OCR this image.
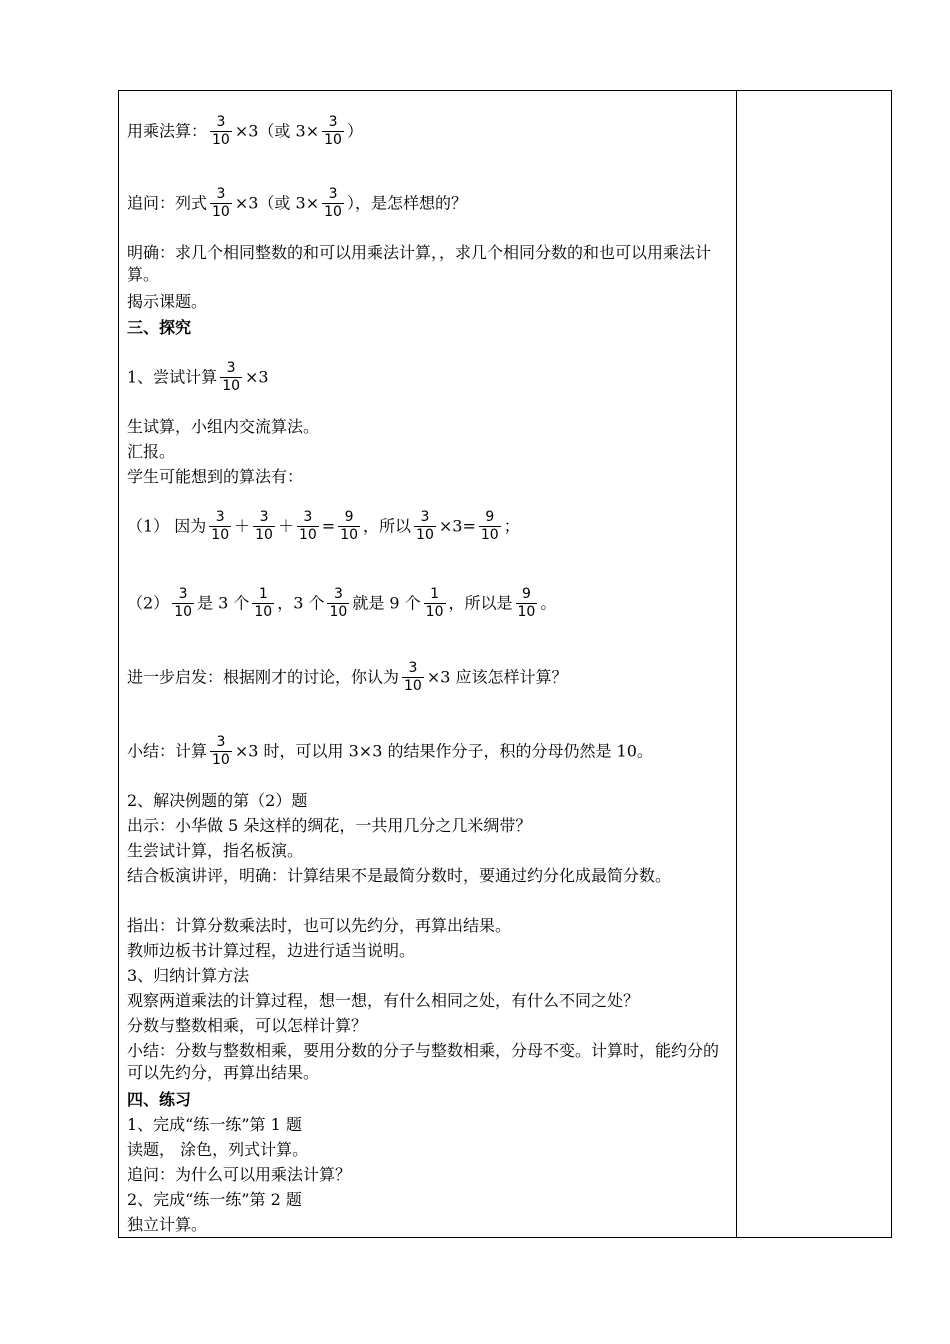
用乘法算： $\frac{3}{10} \times 3$（或 $3\times \frac{3}{10}$ ）
追问：列式 $\frac{3}{10} \times 3$（或 $3\times \frac{3}{10}$ ），是怎样想的？
明确：求几个相同整数的和可以用乘法计算，，求几个相同分数的和也可以用乘法计算。
揭示课题。
三、探究
1、尝试计算 $\frac{3}{10} \times 3$
生试算，小组内交流算法。
汇报。
学生可能想到的算法有：
（1） 因为 $\frac{3}{10} + \frac{3}{10} + \frac{3}{10} = \frac{9}{10}$ ，所以 $\frac{3}{10} \times 3= \frac{9}{10}$ ；
$(2) \frac{3}{10}$ 是 3 个 $\frac{1}{10}$ ，3 个 $\frac{3}{10}$ 就是 9 个 $\frac{1}{10}$ ，所以是 $\frac{9}{10}$ 。
进一步启发：根据刚才的讨论，你认为 $\frac{3}{10} \times 3$ 应该怎样计算？
小结：计算 $\frac{3}{10} \times 3$ 时，可以用 3×3 的结果作分子，积的分母仍然是 10。
2、解决例题的第（2）题
出示：小华做 5 朵这样的绸花，一共用几分之几米绸带？
生尝试计算，指名板演。
结合板演讲评，明确：计算结果不是最简分数时，要通过约分化成最简分数。
指出：计算分数乘法时，也可以先约分，再算出结果。
教师边板书计算过程，边进行适当说明。
3、归纳计算方法
观察两道乘法的计算过程，想一想，有什么相同之处，有什么不同之处？
分数与整数相乘，可以怎样计算？
小结：分数与整数相乘，要用分数的分子与整数相乘，分母不变。计算时，能约分的可以先约分，再算出结果。
四、练习
1、完成“练一练”第 1 题
读题， 涂色，列式计算。
追问：为什么可以用乘法计算？
2、完成“练一练”第 2 题
独立计算。
